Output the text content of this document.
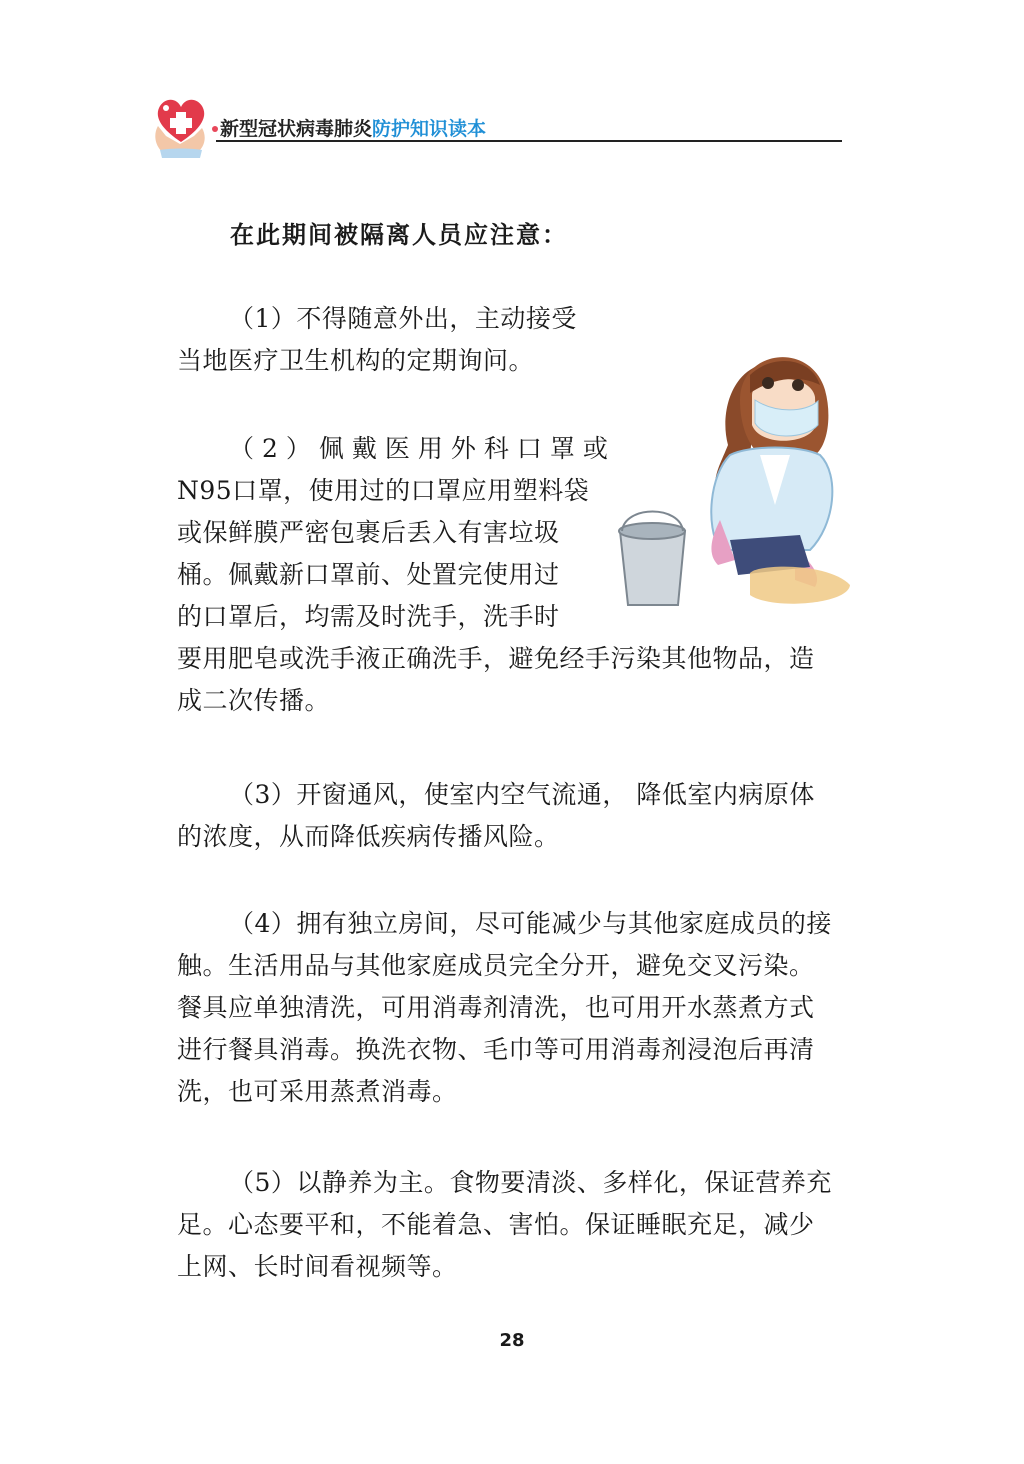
新型冠状病毒肺炎防护知识读本
在此期间被隔离人员应注意：
（1）不得随意外出，主动接受
当地医疗卫生机构的定期询问。
（2）佩戴医用外科口罩或
N95口罩，使用过的口罩应用塑料袋
或保鲜膜严密包裹后丢入有害垃圾
桶。佩戴新口罩前、处置完使用过
的口罩后，均需及时洗手，洗手时
要用肥皂或洗手液正确洗手，避免经手污染其他物品，造
成二次传播。
（3）开窗通风，使室内空气流通， 降低室内病原体
的浓度，从而降低疾病传播风险。
（4）拥有独立房间，尽可能减少与其他家庭成员的接
触。生活用品与其他家庭成员完全分开，避免交叉污染。
餐具应单独清洗，可用消毒剂清洗，也可用开水蒸煮方式
进行餐具消毒。换洗衣物、毛巾等可用消毒剂浸泡后再清
洗，也可采用蒸煮消毒。
（5）以静养为主。食物要清淡、多样化，保证营养充
足。心态要平和，不能着急、害怕。保证睡眠充足，减少
上网、长时间看视频等。
28
